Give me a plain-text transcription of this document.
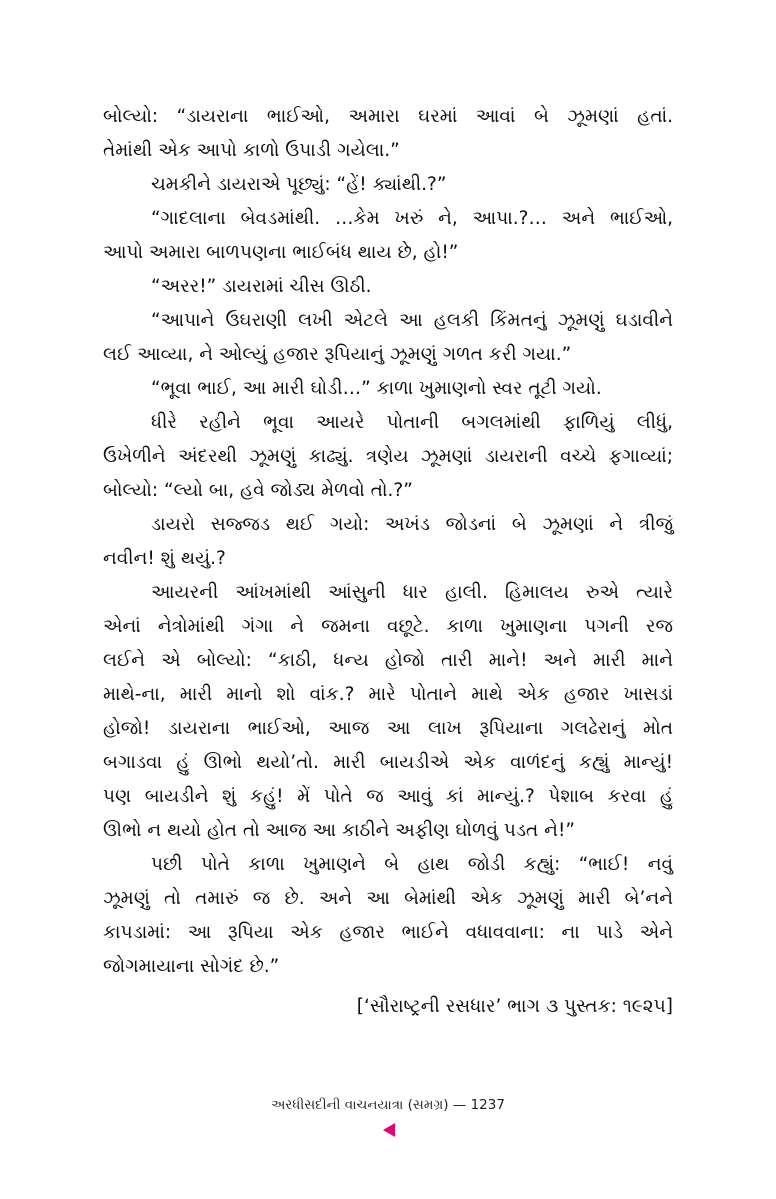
બોલ્યો: “ડાયરાના ભાઈઓ, અમારા ઘરમાં આવાં બે ઝૂમણાં હતાં.
તેમાંથી એક આપો કાળો ઉપાડી ગયેલા.”
ચમકીને ડાયરાએ પૂછ્યું: “હેં! ક્યાંથી.?”
“ગાદલાના બેવડમાંથી. …કેમ ખરું ને, આપા.?… અને ભાઈઓ,
આપો અમારા બાળપણના ભાઈબંધ થાય છે, હો!”
“અરર!” ડાયરામાં ચીસ ઊઠી.
“આપાને ઉઘરાણી લખી એટલે આ હલકી કિંમતનું ઝૂમણું ઘડાવીને
લઈ આવ્યા, ને ઓલ્યું હજાર રૂપિયાનું ઝૂમણું ગળત કરી ગયા.”
“ભૂવા ભાઈ, આ મારી ઘોડી…” કાળા ખુમાણનો સ્વર તૂટી ગયો.
ધીરે રહીને ભૂવા આયરે પોતાની બગલમાંથી ફાળિયું લીધું,
ઉખેળીને અંદરથી ઝૂમણું કાઢ્યું. ત્રણેય ઝૂમણાં ડાયરાની વચ્ચે ફગાવ્યાં;
બોલ્યો: “લ્યો બા, હવે જોડ્ય મેળવો તો.?”
ડાયરો સજ્જડ થઈ ગયો: અખંડ જોડનાં બે ઝૂમણાં ને ત્રીજું
નવીન! શું થયું.?
આયરની આંખમાંથી આંસુની ધાર હાલી. હિમાલય રુએ ત્યારે
એનાં નેત્રોમાંથી ગંગા ને જમના વછૂટે. કાળા ખુમાણના પગની રજ
લઈને એ બોલ્યો: “કાઠી, ધન્ય હોજો તારી માને! અને મારી માને
માથે-ના, મારી માનો શો વાંક.? મારે પોતાને માથે એક હજાર ખાસડાં
હોજો! ડાયરાના ભાઈઓ, આજ આ લાખ રૂપિયાના ગલઢેરાનું મોત
બગાડવા હું ઊભો થયો’તો. મારી બાયડીએ એક વાળંદનું કહ્યું માન્યું!
પણ બાયડીને શું કહું! મેં પોતે જ આવું કાં માન્યું.? પેશાબ કરવા હું
ઊભો ન થયો હોત તો આજ આ કાઠીને અફીણ ઘોળવું પડત ને!”
પછી પોતે કાળા ખુમાણને બે હાથ જોડી કહ્યું: “ભાઈ! નવું
ઝૂમણું તો તમારું જ છે. અને આ બેમાંથી એક ઝૂમણું મારી બે’નને
કાપડામાં: આ રૂપિયા એક હજાર ભાઈને વધાવવાના: ના પાડે એને
જોગમાયાના સોગંદ છે.”
[‘સૌરાષ્ટ્રની રસધાર’ ભાગ ૩ પુસ્તક: ૧૯૨૫]
અરધીસદીની વાચનયાત્રા (સમગ્ર) — 1237
